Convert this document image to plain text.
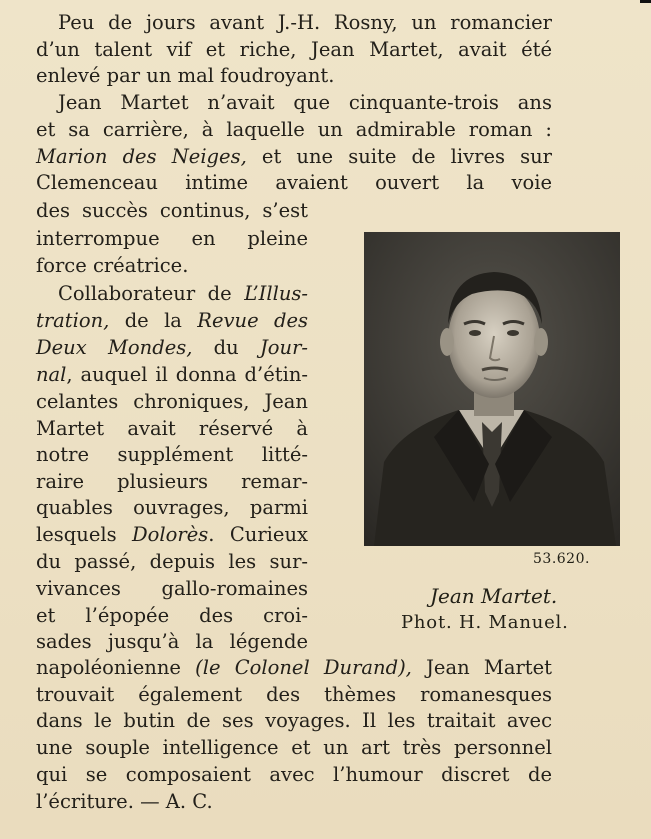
Peu de jours avant J.-H. Rosny, un romancier
d’un talent vif et riche, Jean Martet, avait été
enlevé par un mal foudroyant.
Jean Martet n’avait que cinquante-trois ans
et sa carrière, à laquelle un admirable roman :
Marion des Neiges, et une suite de livres sur
Clemenceau intime avaient ouvert la voie
des succès continus, s’est
interrompue en pleine
force créatrice.
Collaborateur de L’Illus-
tration, de la Revue des
Deux Mondes, du Jour-
nal, auquel il donna d’étin-
celantes chroniques, Jean
Martet avait réservé à
notre supplément litté-
raire plusieurs remar-
quables ouvrages, parmi
lesquels Dolorès. Curieux
du passé, depuis les sur-
vivances gallo-romaines
et l’épopée des croi-
sades jusqu’à la légende
napoléonienne (le Colonel Durand), Jean Martet
trouvait également des thèmes romanesques
dans le butin de ses voyages. Il les traitait avec
une souple intelligence et un art très personnel
qui se composaient avec l’humour discret de
l’écriture. — A. C.
53.620.
Jean Martet.
Phot. H. Manuel.
